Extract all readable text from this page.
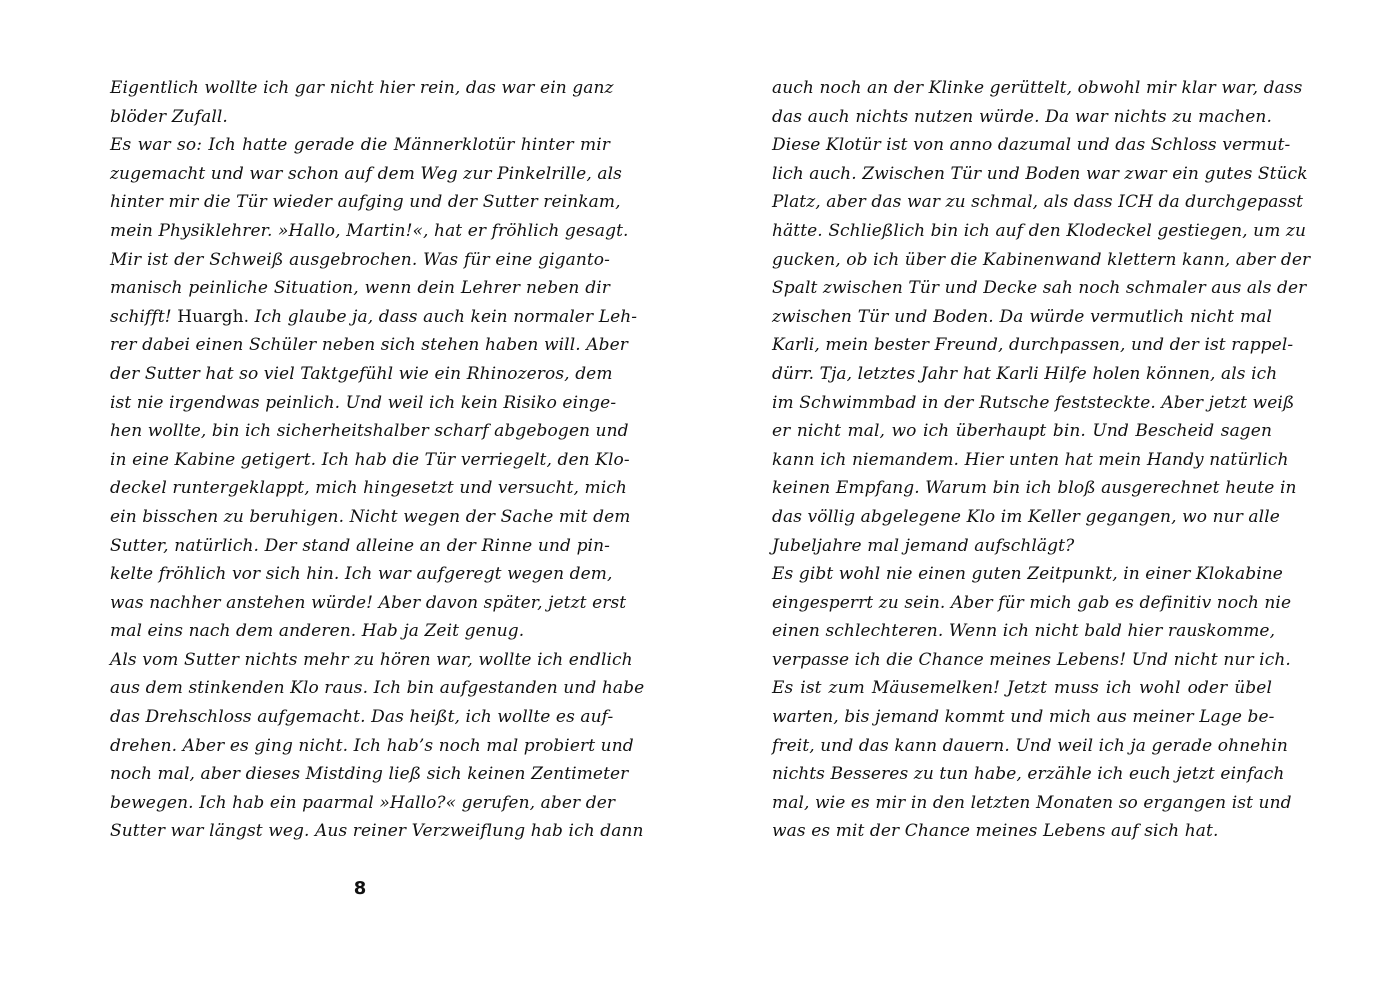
Eigentlich wollte ich gar nicht hier rein, das war ein ganz
blöder Zufall.
Es war so: Ich hatte gerade die Männerklotür hinter mir
zugemacht und war schon auf dem Weg zur Pinkelrille, als
hinter mir die Tür wieder aufging und der Sutter reinkam,
mein Physiklehrer. »Hallo, Martin!«, hat er fröhlich gesagt.
Mir ist der Schweiß ausgebrochen. Was für eine giganto-
manisch peinliche Situation, wenn dein Lehrer neben dir
schifft! Huargh. Ich glaube ja, dass auch kein normaler Leh-
rer dabei einen Schüler neben sich stehen haben will. Aber
der Sutter hat so viel Taktgefühl wie ein Rhinozeros, dem
ist nie irgendwas peinlich. Und weil ich kein Risiko einge-
hen wollte, bin ich sicherheitshalber scharf abgebogen und
in eine Kabine getigert. Ich hab die Tür verriegelt, den Klo-
deckel runtergeklappt, mich hingesetzt und versucht, mich
ein bisschen zu beruhigen. Nicht wegen der Sache mit dem
Sutter, natürlich. Der stand alleine an der Rinne und pin-
kelte fröhlich vor sich hin. Ich war aufgeregt wegen dem,
was nachher anstehen würde! Aber davon später, jetzt erst
mal eins nach dem anderen. Hab ja Zeit genug.
Als vom Sutter nichts mehr zu hören war, wollte ich endlich
aus dem stinkenden Klo raus. Ich bin aufgestanden und habe
das Drehschloss aufgemacht. Das heißt, ich wollte es auf-
drehen. Aber es ging nicht. Ich hab’s noch mal probiert und
noch mal, aber dieses Mistding ließ sich keinen Zentimeter
bewegen. Ich hab ein paarmal »Hallo?« gerufen, aber der
Sutter war längst weg. Aus reiner Verzweiflung hab ich dann
auch noch an der Klinke gerüttelt, obwohl mir klar war, dass
das auch nichts nutzen würde. Da war nichts zu machen.
Diese Klotür ist von anno dazumal und das Schloss vermut-
lich auch. Zwischen Tür und Boden war zwar ein gutes Stück
Platz, aber das war zu schmal, als dass ICH da durchgepasst
hätte. Schließlich bin ich auf den Klodeckel gestiegen, um zu
gucken, ob ich über die Kabinenwand klettern kann, aber der
Spalt zwischen Tür und Decke sah noch schmaler aus als der
zwischen Tür und Boden. Da würde vermutlich nicht mal
Karli, mein bester Freund, durchpassen, und der ist rappel-
dürr. Tja, letztes Jahr hat Karli Hilfe holen können, als ich
im Schwimmbad in der Rutsche feststeckte. Aber jetzt weiß
er nicht mal, wo ich überhaupt bin. Und Bescheid sagen
kann ich niemandem. Hier unten hat mein Handy natürlich
keinen Empfang. Warum bin ich bloß ausgerechnet heute in
das völlig abgelegene Klo im Keller gegangen, wo nur alle
Jubeljahre mal jemand aufschlägt?
Es gibt wohl nie einen guten Zeitpunkt, in einer Klokabine
eingesperrt zu sein. Aber für mich gab es definitiv noch nie
einen schlechteren. Wenn ich nicht bald hier rauskomme,
verpasse ich die Chance meines Lebens! Und nicht nur ich.
Es ist zum Mäusemelken! Jetzt muss ich wohl oder übel
warten, bis jemand kommt und mich aus meiner Lage be-
freit, und das kann dauern. Und weil ich ja gerade ohnehin
nichts Besseres zu tun habe, erzähle ich euch jetzt einfach
mal, wie es mir in den letzten Monaten so ergangen ist und
was es mit der Chance meines Lebens auf sich hat.
8
